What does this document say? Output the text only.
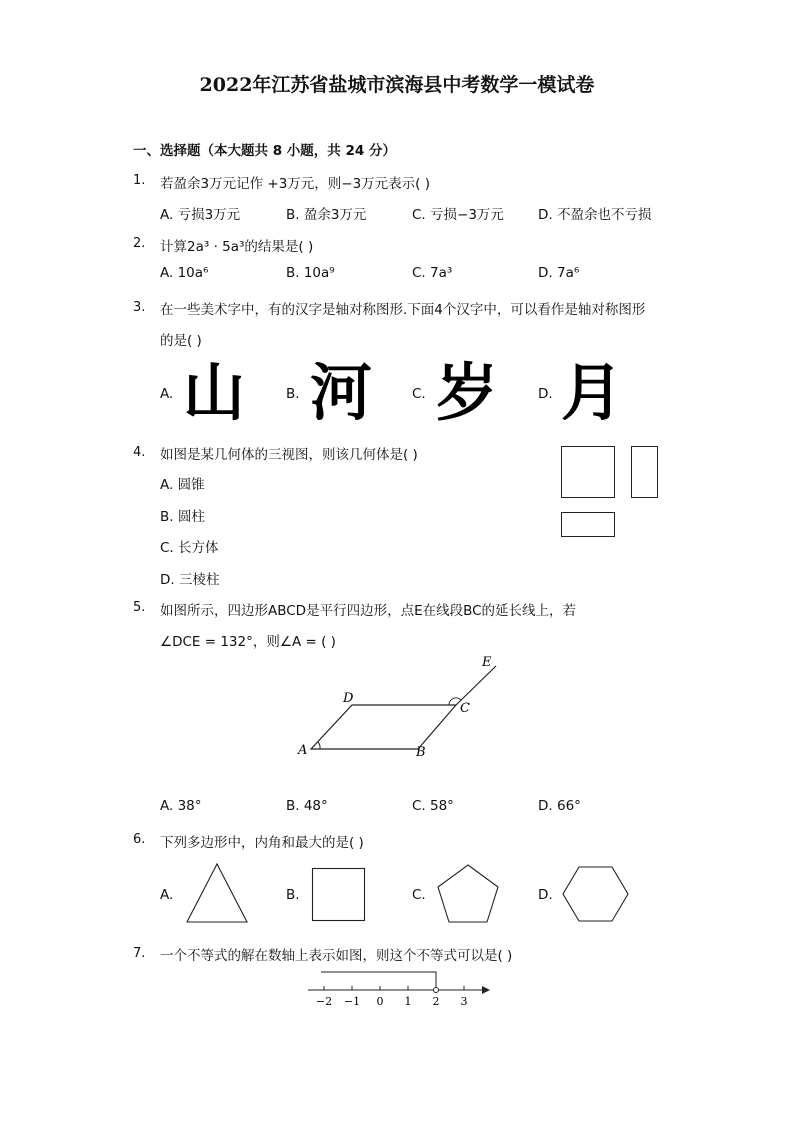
2022年江苏省盐城市滨海县中考数学一模试卷
一、选择题（本大题共 8 小题，共 24 分）
1. 若盈余3万元记作 +3万元，则−3万元表示( )
A. 亏损3万元	B. 盈余3万元	C. 亏损−3万元	D. 不盈余也不亏损
2. 计算2a³ · 5a³的结果是( )
A. 10a⁶	B. 10a⁹	C. 7a³	D. 7a⁶
3. 在一些美术字中，有的汉字是轴对称图形.下面4个汉字中，可以看作是轴对称图形
的是( )
A. 山	B. 河	C. 岁	D. 月
4. 如图是某几何体的三视图，则该几何体是( )
A. 圆锥
B. 圆柱
C. 长方体
D. 三棱柱
5. 如图所示，四边形ABCD是平行四边形，点E在线段BC的延长线上，若
∠DCE = 132°，则∠A = ( )
A	B
C
D
E
A. 38°	B. 48°	C. 58°	D. 66°
6. 下列多边形中，内角和最大的是( )
A.	B.	C.	D.
7. 一个不等式的解在数轴上表示如图，则这个不等式可以是( )
−2 −1 0 1 2 3
